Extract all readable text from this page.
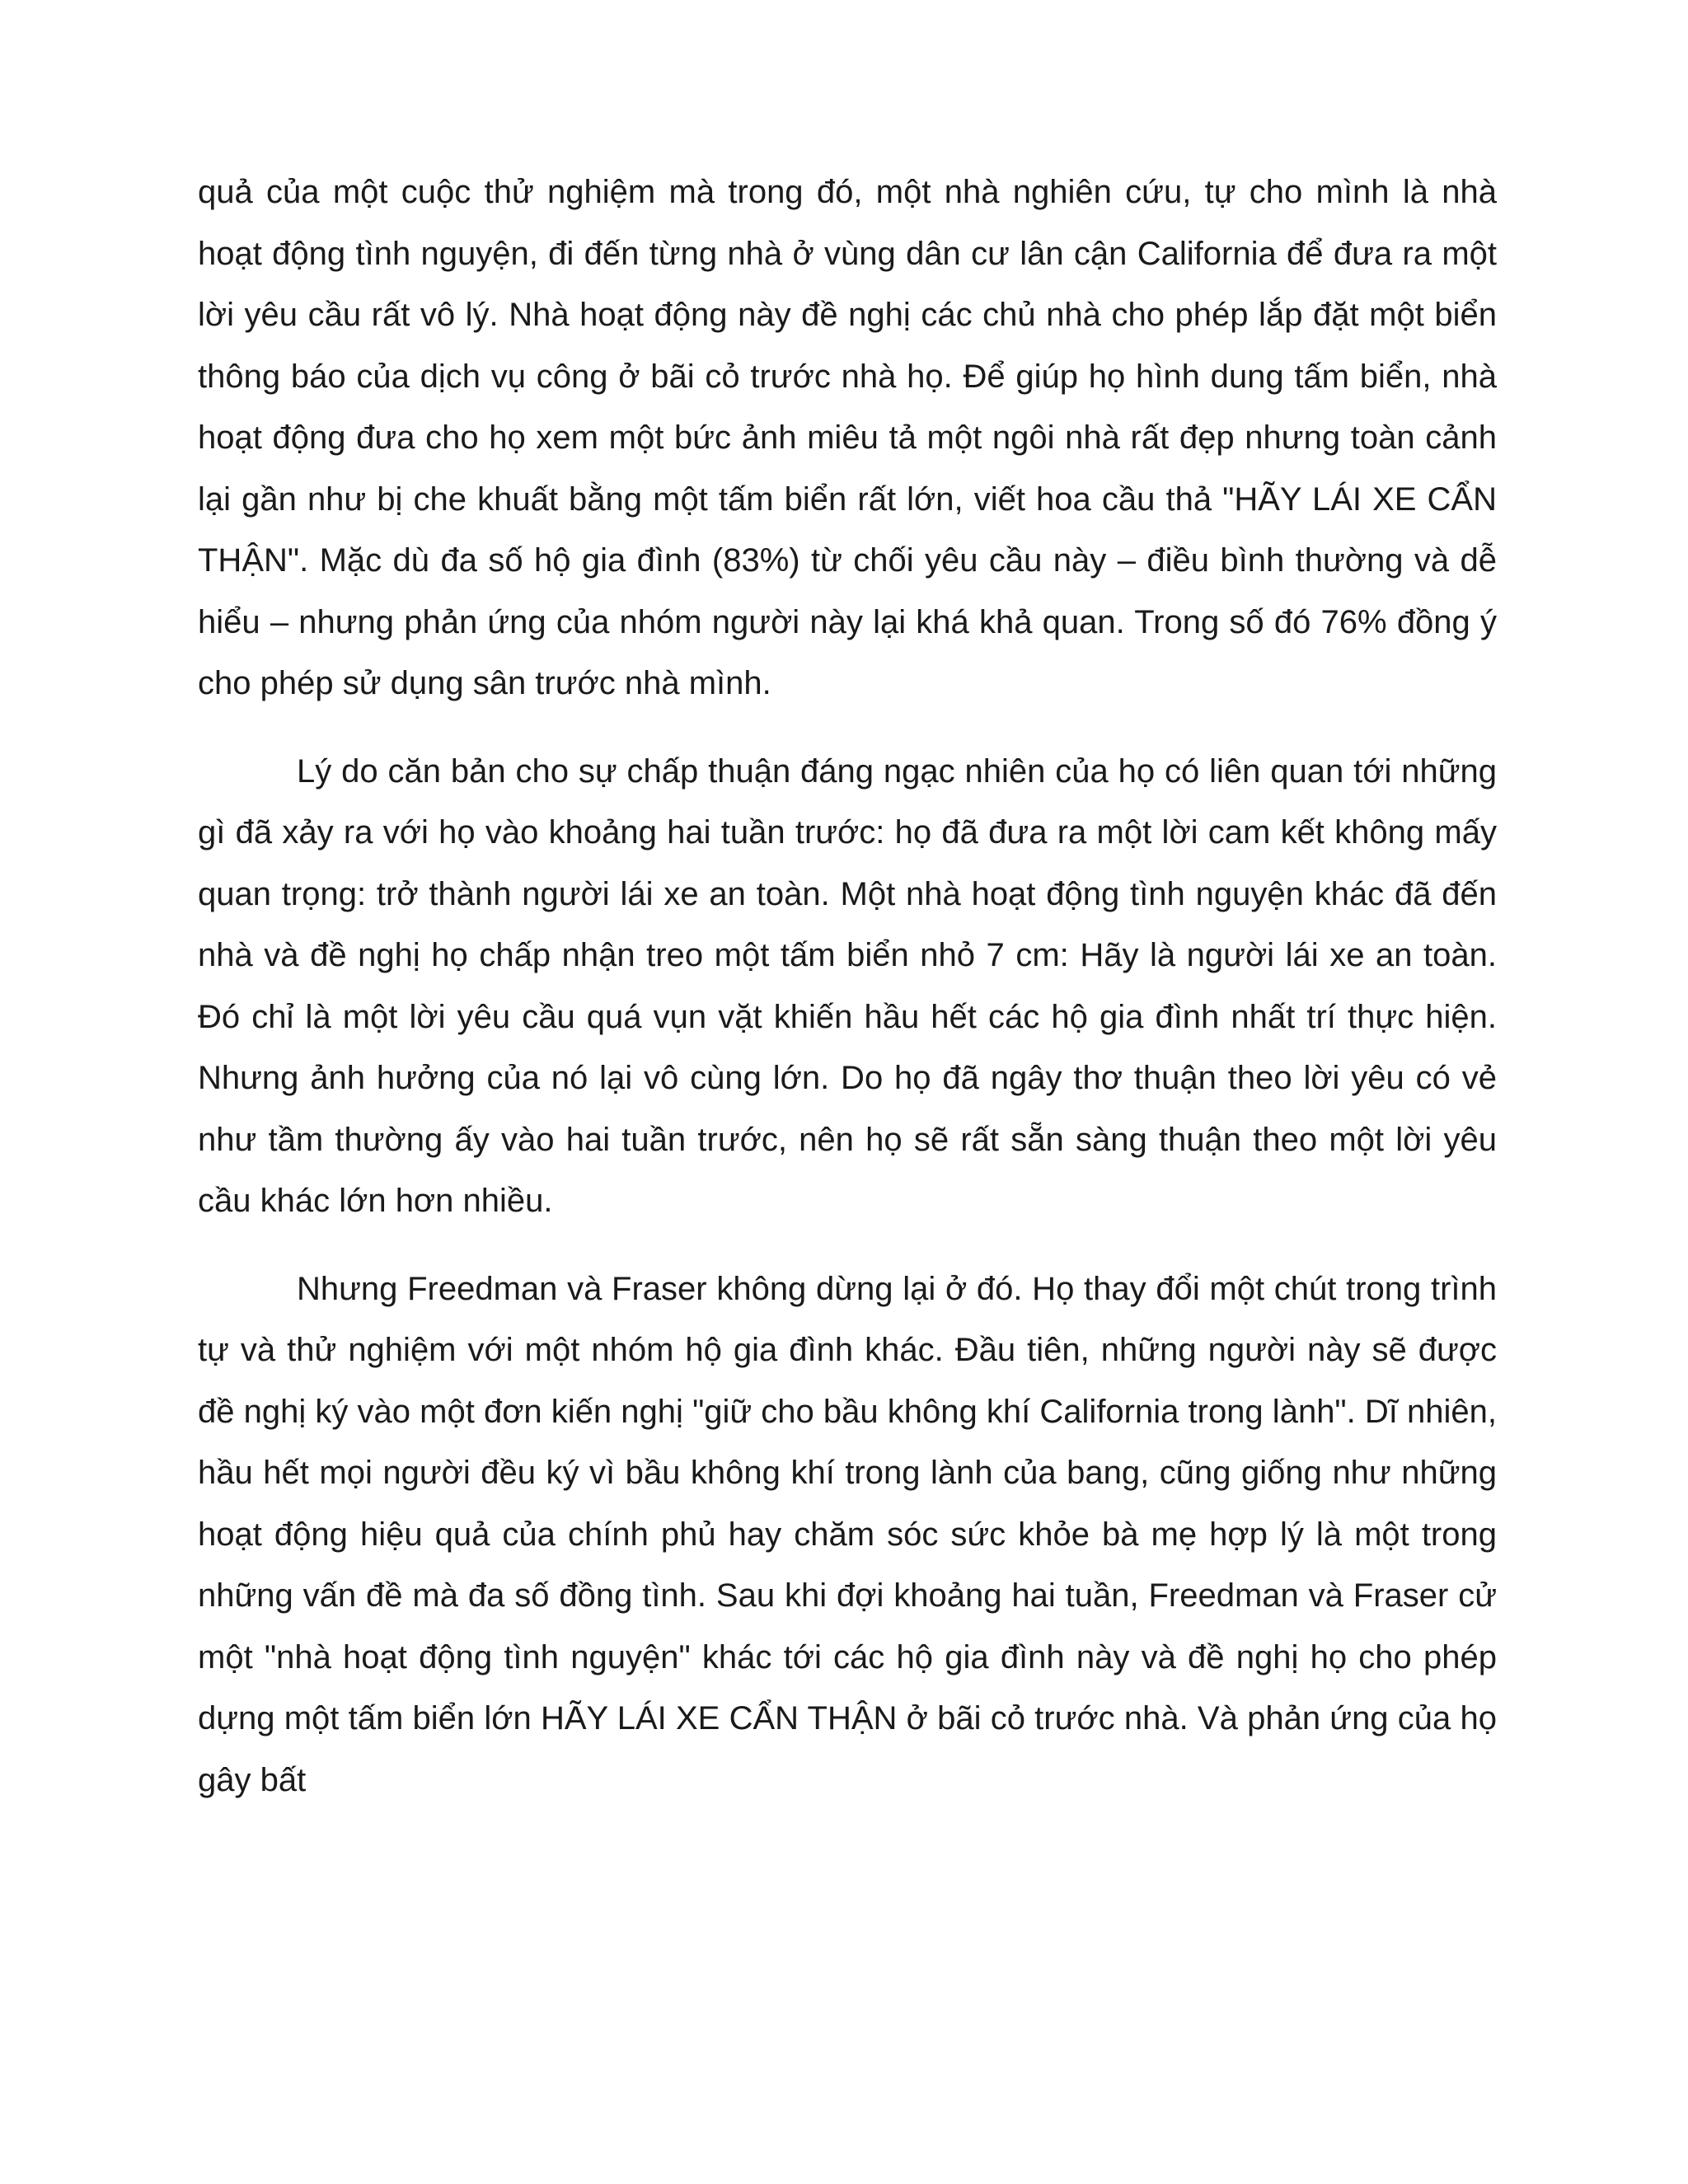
quả của một cuộc thử nghiệm mà trong đó, một nhà nghiên cứu, tự cho mình là nhà hoạt động tình nguyện, đi đến từng nhà ở vùng dân cư lân cận California để đưa ra một lời yêu cầu rất vô lý. Nhà hoạt động này đề nghị các chủ nhà cho phép lắp đặt một biển thông báo của dịch vụ công ở bãi cỏ trước nhà họ. Để giúp họ hình dung tấm biển, nhà hoạt động đưa cho họ xem một bức ảnh miêu tả một ngôi nhà rất đẹp nhưng toàn cảnh lại gần như bị che khuất bằng một tấm biển rất lớn, viết hoa cầu thả "HÃY LÁI XE CẨN THẬN". Mặc dù đa số hộ gia đình (83%) từ chối yêu cầu này – điều bình thường và dễ hiểu – nhưng phản ứng của nhóm người này lại khá khả quan. Trong số đó 76% đồng ý cho phép sử dụng sân trước nhà mình.

Lý do căn bản cho sự chấp thuận đáng ngạc nhiên của họ có liên quan tới những gì đã xảy ra với họ vào khoảng hai tuần trước: họ đã đưa ra một lời cam kết không mấy quan trọng: trở thành người lái xe an toàn. Một nhà hoạt động tình nguyện khác đã đến nhà và đề nghị họ chấp nhận treo một tấm biển nhỏ 7 cm: Hãy là người lái xe an toàn. Đó chỉ là một lời yêu cầu quá vụn vặt khiến hầu hết các hộ gia đình nhất trí thực hiện. Nhưng ảnh hưởng của nó lại vô cùng lớn. Do họ đã ngây thơ thuận theo lời yêu có vẻ như tầm thường ấy vào hai tuần trước, nên họ sẽ rất sẵn sàng thuận theo một lời yêu cầu khác lớn hơn nhiều.

Nhưng Freedman và Fraser không dừng lại ở đó. Họ thay đổi một chút trong trình tự và thử nghiệm với một nhóm hộ gia đình khác. Đầu tiên, những người này sẽ được đề nghị ký vào một đơn kiến nghị "giữ cho bầu không khí California trong lành". Dĩ nhiên, hầu hết mọi người đều ký vì bầu không khí trong lành của bang, cũng giống như những hoạt động hiệu quả của chính phủ hay chăm sóc sức khỏe bà mẹ hợp lý là một trong những vấn đề mà đa số đồng tình. Sau khi đợi khoảng hai tuần, Freedman và Fraser cử một "nhà hoạt động tình nguyện" khác tới các hộ gia đình này và đề nghị họ cho phép dựng một tấm biển lớn HÃY LÁI XE CẨN THẬN ở bãi cỏ trước nhà. Và phản ứng của họ gây bất
